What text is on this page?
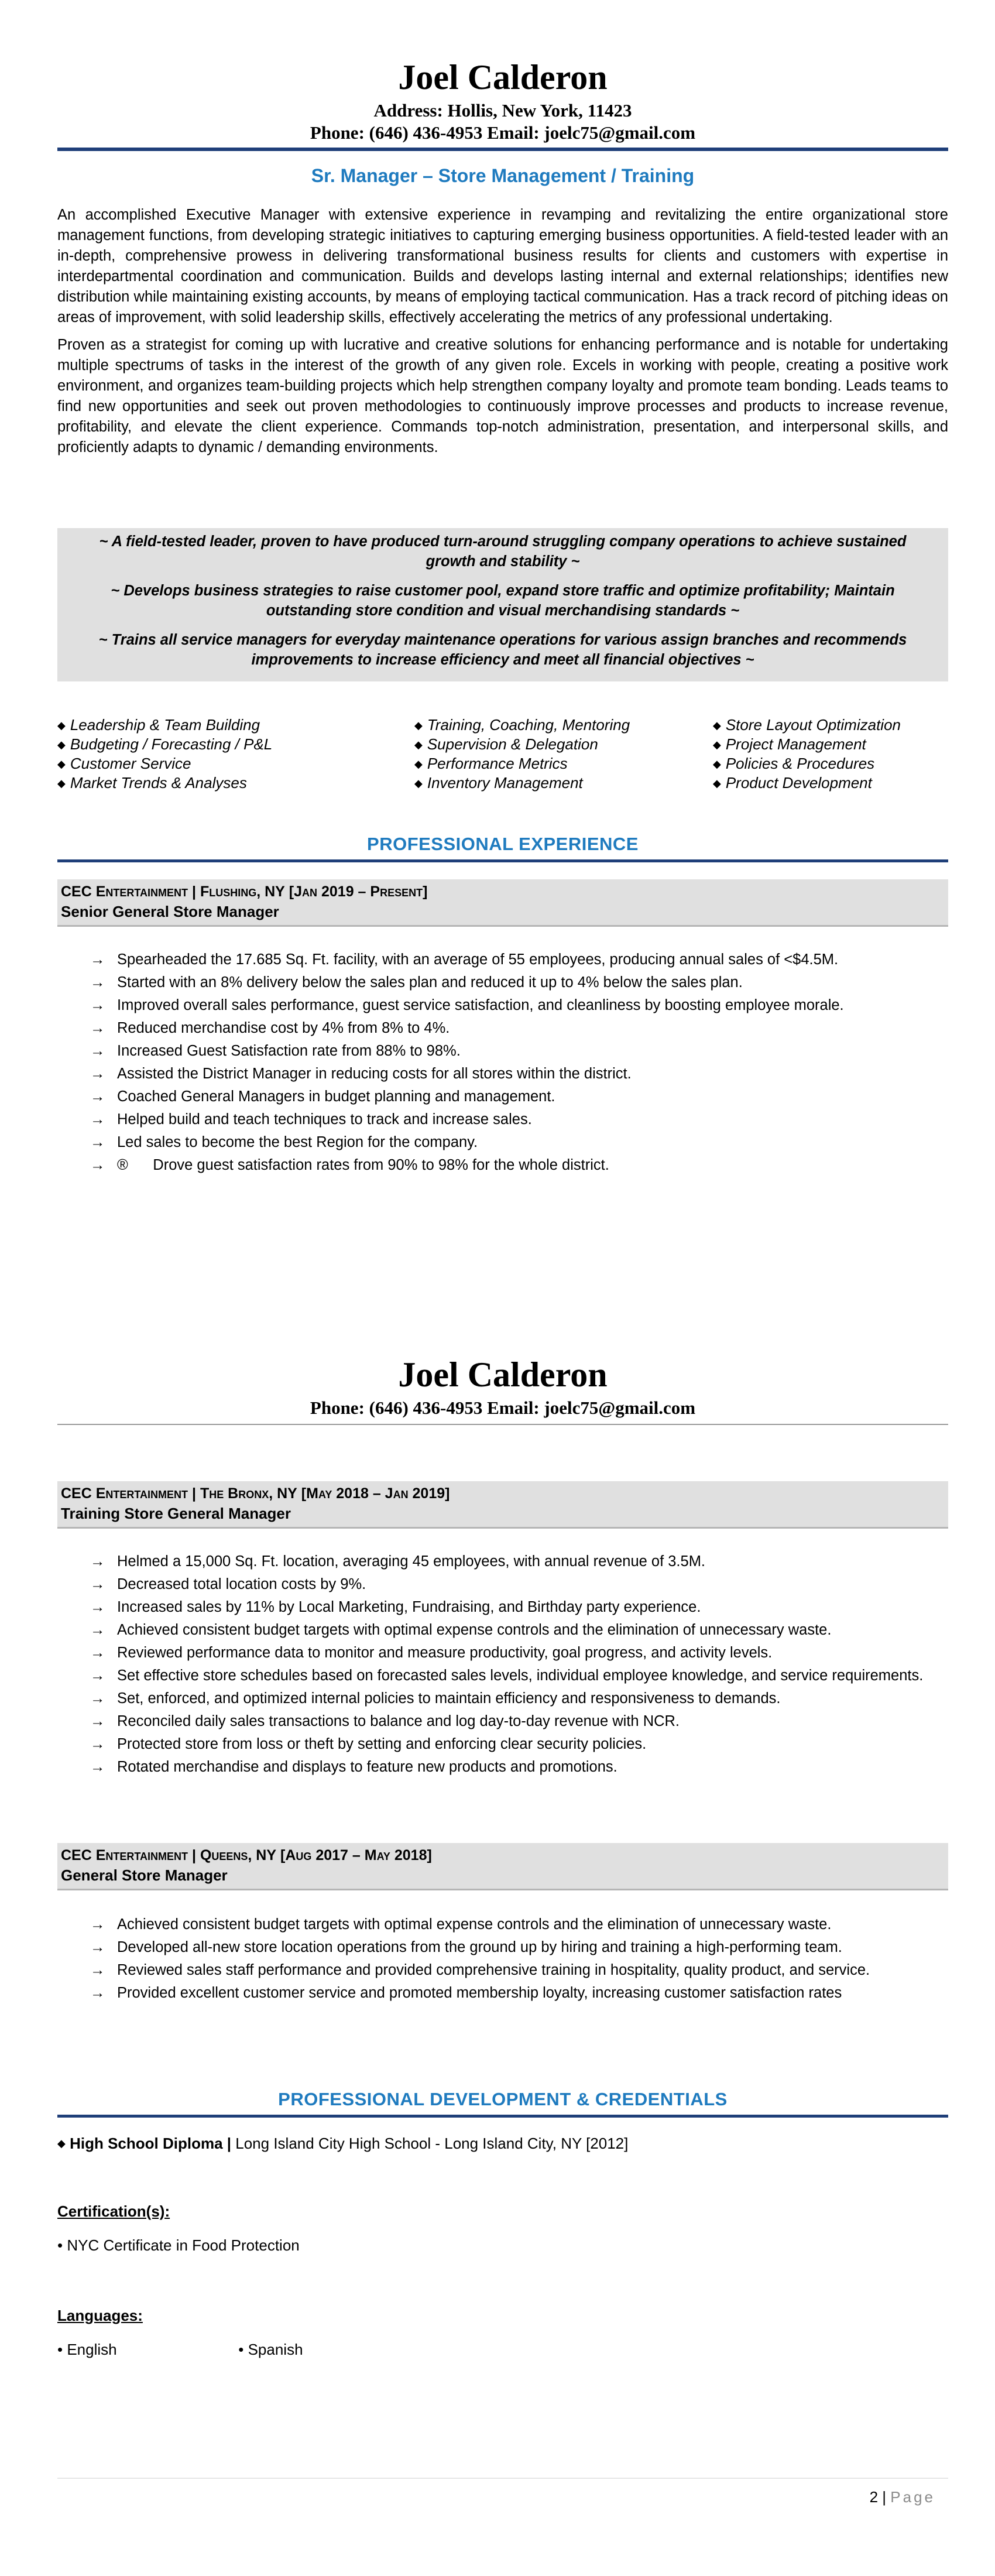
Joel Calderon
Address: Hollis, New York, 11423
Phone: (646) 436-4953 Email: joelc75@gmail.com
Sr. Manager – Store Management / Training

An accomplished Executive Manager with extensive experience in revamping and revitalizing the entire organizational store management functions, from developing strategic initiatives to capturing emerging business opportunities. A field-tested leader with an in-depth, comprehensive prowess in delivering transformational business results for clients and customers with expertise in interdepartmental coordination and communication. Builds and develops lasting internal and external relationships; identifies new distribution while maintaining existing accounts, by means of employing tactical communication. Has a track record of pitching ideas on areas of improvement, with solid leadership skills, effectively accelerating the metrics of any professional undertaking.

Proven as a strategist for coming up with lucrative and creative solutions for enhancing performance and is notable for undertaking multiple spectrums of tasks in the interest of the growth of any given role. Excels in working with people, creating a positive work environment, and organizes team-building projects which help strengthen company loyalty and promote team bonding. Leads teams to find new opportunities and seek out proven methodologies to continuously improve processes and products to increase revenue, profitability, and elevate the client experience. Commands top-notch administration, presentation, and interpersonal skills, and proficiently adapts to dynamic / demanding environments.

~ A field-tested leader, proven to have produced turn-around struggling company operations to achieve sustained growth and stability ~

~ Develops business strategies to raise customer pool, expand store traffic and optimize profitability; Maintain outstanding store condition and visual merchandising standards ~

~ Trains all service managers for everyday maintenance operations for various assign branches and recommends improvements to increase efficiency and meet all financial objectives ~

◆ Leadership & Team Building	◆ Training, Coaching, Mentoring	◆ Store Layout Optimization
◆ Budgeting / Forecasting / P&L	◆ Supervision & Delegation	◆ Project Management
◆ Customer Service	◆ Performance Metrics	◆ Policies & Procedures
◆ Market Trends & Analyses	◆ Inventory Management	◆ Product Development
PROFESSIONAL EXPERIENCE
CEC Entertainment | Flushing, NY [Jan 2019 – Present]
Senior General Store Manager
→ Spearheaded the 17.685 Sq. Ft. facility, with an average of 55 employees, producing annual sales of <$4.5M.
→ Started with an 8% delivery below the sales plan and reduced it up to 4% below the sales plan.
→ Improved overall sales performance, guest service satisfaction, and cleanliness by boosting employee morale.
→ Reduced merchandise cost by 4% from 8% to 4%.
→ Increased Guest Satisfaction rate from 88% to 98%.
→ Assisted the District Manager in reducing costs for all stores within the district.
→ Coached General Managers in budget planning and management.
→ Helped build and teach techniques to track and increase sales.
→ Led sales to become the best Region for the company.
→ ®      Drove guest satisfaction rates from 90% to 98% for the whole district.
Joel Calderon
Phone: (646) 436-4953 Email: joelc75@gmail.com
CEC Entertainment | The Bronx, NY [May 2018 – Jan 2019]
Training Store General Manager
→ Helmed a 15,000 Sq. Ft. location, averaging 45 employees, with annual revenue of 3.5M.
→ Decreased total location costs by 9%.
→ Increased sales by 11% by Local Marketing, Fundraising, and Birthday party experience.
→ Achieved consistent budget targets with optimal expense controls and the elimination of unnecessary waste.
→ Reviewed performance data to monitor and measure productivity, goal progress, and activity levels.
→ Set effective store schedules based on forecasted sales levels, individual employee knowledge, and service requirements.
→ Set, enforced, and optimized internal policies to maintain efficiency and responsiveness to demands.
→ Reconciled daily sales transactions to balance and log day-to-day revenue with NCR.
→ Protected store from loss or theft by setting and enforcing clear security policies.
→ Rotated merchandise and displays to feature new products and promotions.
CEC Entertainment | Queens, NY [Aug 2017 – May 2018]
General Store Manager
→ Achieved consistent budget targets with optimal expense controls and the elimination of unnecessary waste.
→ Developed all-new store location operations from the ground up by hiring and training a high-performing team.
→ Reviewed sales staff performance and provided comprehensive training in hospitality, quality product, and service.
→ Provided excellent customer service and promoted membership loyalty, increasing customer satisfaction rates
PROFESSIONAL DEVELOPMENT & CREDENTIALS
◆ High School Diploma | Long Island City High School - Long Island City, NY [2012]
Certification(s):
• NYC Certificate in Food Protection
Languages:
• English	• Spanish
2 | Page
